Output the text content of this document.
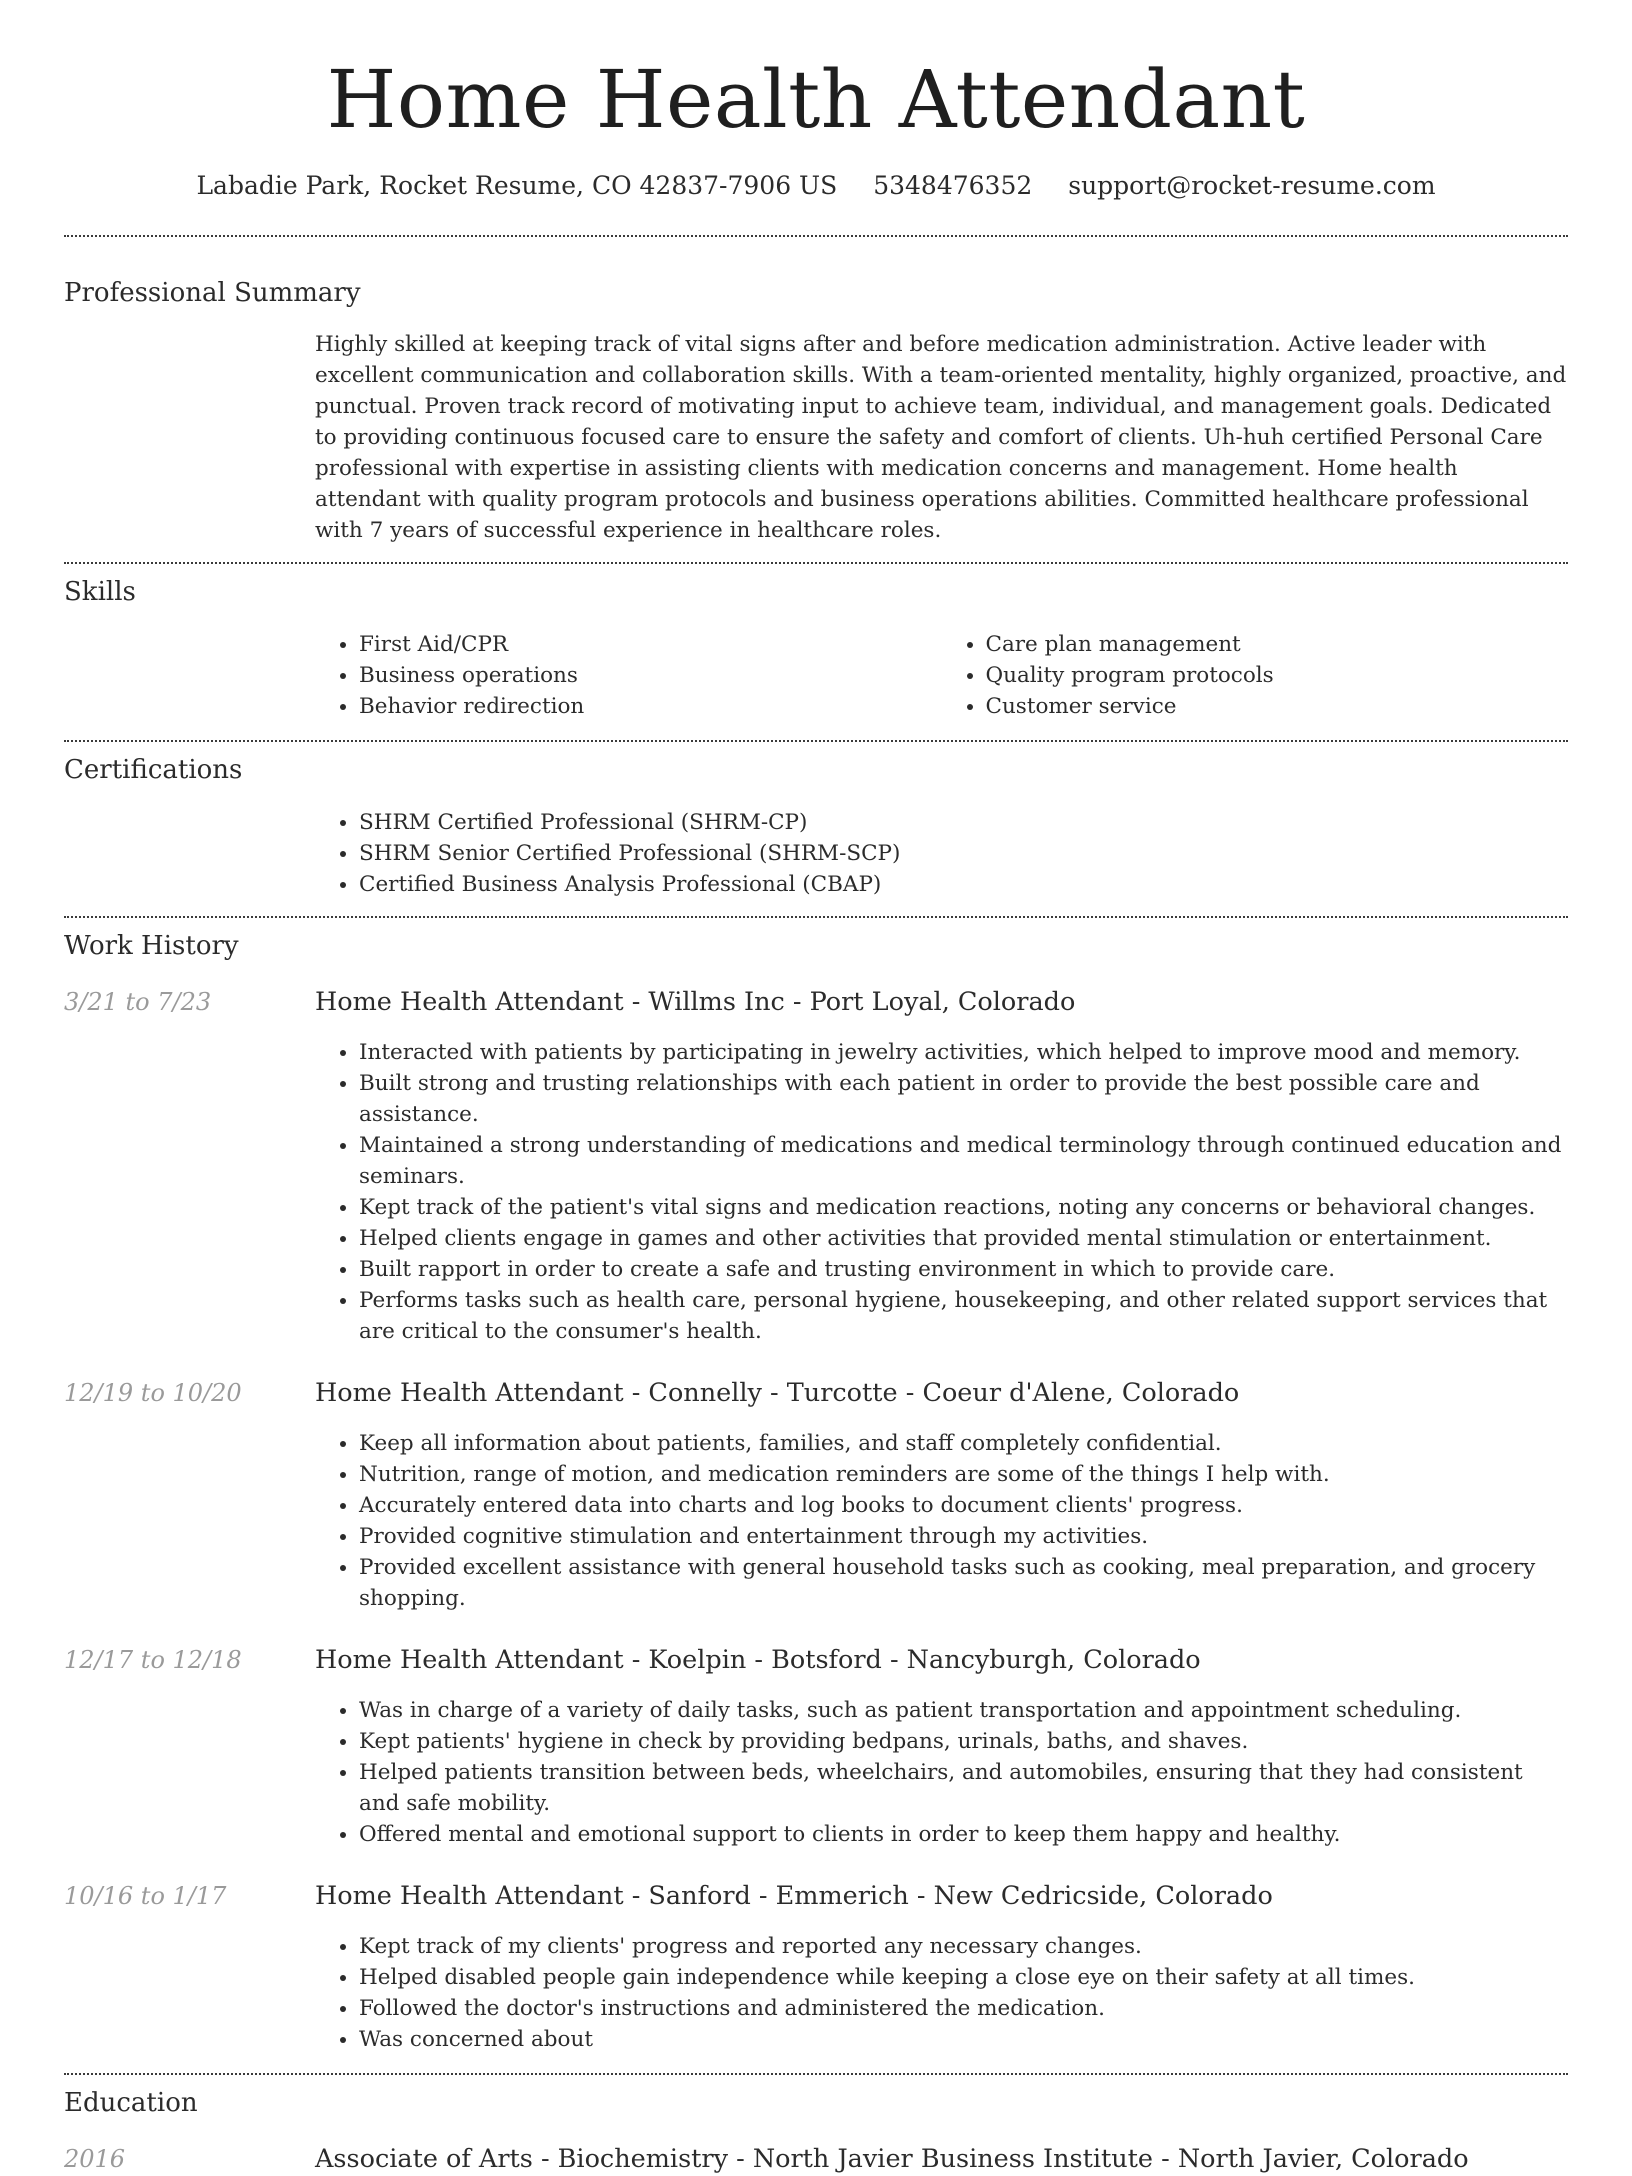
Home Health Attendant
Labadie Park, Rocket Resume, CO 42837-7906 US 5348476352 support@rocket-resume.com
Professional Summary

Highly skilled at keeping track of vital signs after and before medication administration. Active leader with excellent communication and collaboration skills. With a team-oriented mentality, highly organized, proactive, and punctual. Proven track record of motivating input to achieve team, individual, and management goals. Dedicated to providing continuous focused care to ensure the safety and comfort of clients. Uh-huh certified Personal Care professional with expertise in assisting clients with medication concerns and management. Home health attendant with quality program protocols and business operations abilities. Committed healthcare professional with 7 years of successful experience in healthcare roles.

Skills
• First Aid/CPR
• Business operations
• Behavior redirection
• Care plan management
• Quality program protocols
• Customer service
Certifications
• SHRM Certified Professional (SHRM-CP)
• SHRM Senior Certified Professional (SHRM-SCP)
• Certified Business Analysis Professional (CBAP)
Work History
3/21 to 7/23	Home Health Attendant - Willms Inc - Port Loyal, Colorado
• Interacted with patients by participating in jewelry activities, which helped to improve mood and memory.
• Built strong and trusting relationships with each patient in order to provide the best possible care and assistance.
• Maintained a strong understanding of medications and medical terminology through continued education and seminars.
• Kept track of the patient's vital signs and medication reactions, noting any concerns or behavioral changes.
• Helped clients engage in games and other activities that provided mental stimulation or entertainment.
• Built rapport in order to create a safe and trusting environment in which to provide care.
• Performs tasks such as health care, personal hygiene, housekeeping, and other related support services that are critical to the consumer's health.
12/19 to 10/20	Home Health Attendant - Connelly - Turcotte - Coeur d'Alene, Colorado
• Keep all information about patients, families, and staff completely confidential.
• Nutrition, range of motion, and medication reminders are some of the things I help with.
• Accurately entered data into charts and log books to document clients' progress.
• Provided cognitive stimulation and entertainment through my activities.
• Provided excellent assistance with general household tasks such as cooking, meal preparation, and grocery shopping.
12/17 to 12/18	Home Health Attendant - Koelpin - Botsford - Nancyburgh, Colorado
• Was in charge of a variety of daily tasks, such as patient transportation and appointment scheduling.
• Kept patients' hygiene in check by providing bedpans, urinals, baths, and shaves.
• Helped patients transition between beds, wheelchairs, and automobiles, ensuring that they had consistent and safe mobility.
• Offered mental and emotional support to clients in order to keep them happy and healthy.
10/16 to 1/17	Home Health Attendant - Sanford - Emmerich - New Cedricside, Colorado
• Kept track of my clients' progress and reported any necessary changes.
• Helped disabled people gain independence while keeping a close eye on their safety at all times.
• Followed the doctor's instructions and administered the medication.
• Was concerned about
Education
2016	Associate of Arts - Biochemistry - North Javier Business Institute - North Javier, Colorado
